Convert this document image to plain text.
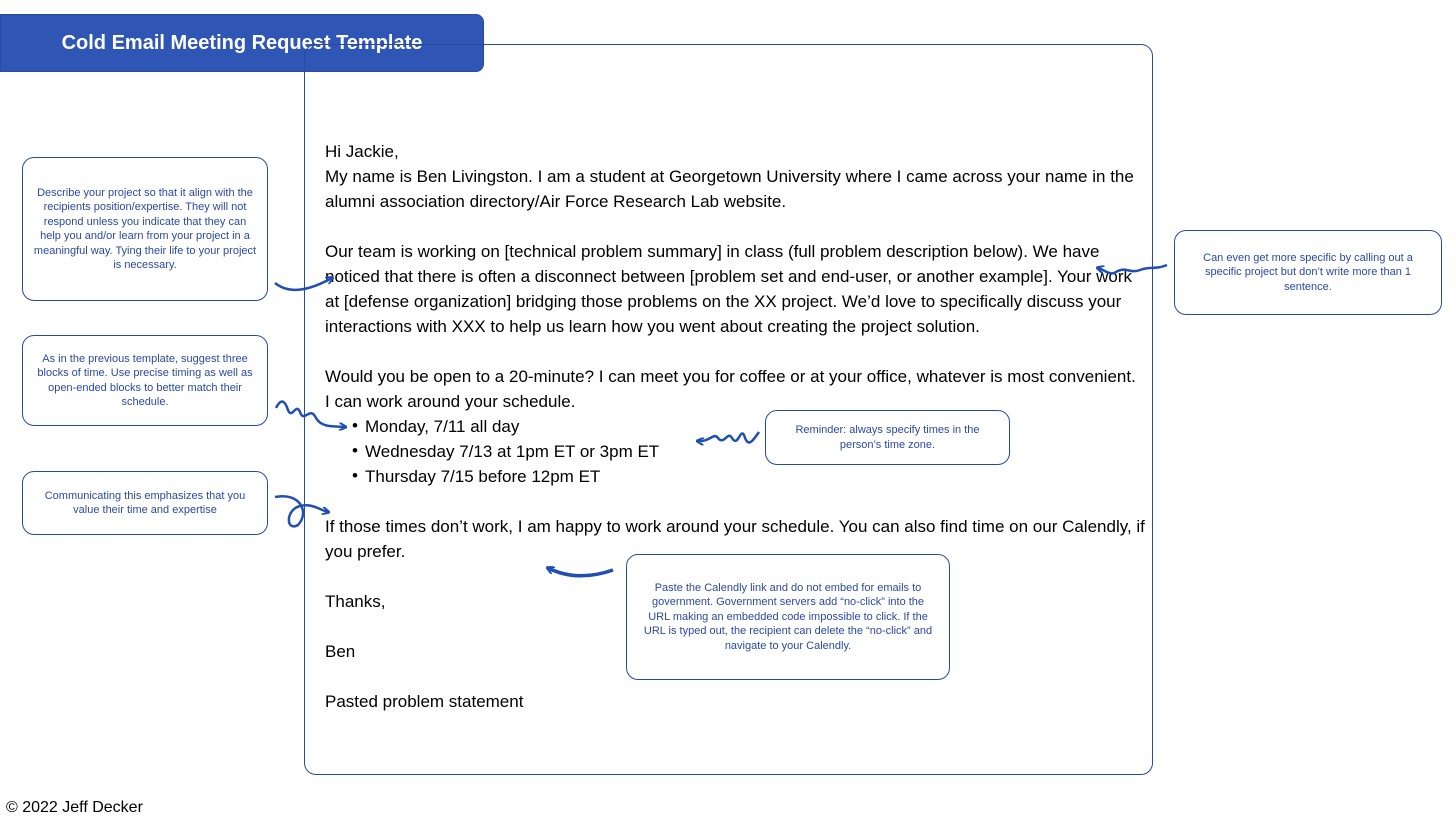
Cold Email Meeting Request Template

Hi Jackie,

My name is Ben Livingston. I am a student at Georgetown University where I came across your name in the alumni association directory/Air Force Research Lab website.

Our team is working on [technical problem summary] in class (full problem description below). We have noticed that there is often a disconnect between [problem set and end-user, or another example]. Your work at [defense organization] bridging those problems on the XX project. We’d love to specifically discuss your interactions with XXX to help us learn how you went about creating the project solution.

Would you be open to a 20-minute? I can meet you for coffee or at your office, whatever is most convenient. I can work around your schedule.

• Monday, 7/11 all day
• Wednesday 7/13 at 1pm ET or 3pm ET
• Thursday 7/15 before 12pm ET

If those times don’t work, I am happy to work around your schedule. You can also find time on our Calendly, if you prefer.

Thanks,

Ben

Pasted problem statement

Describe your project so that it align with the recipients position/expertise. They will not respond unless you indicate that they can help you and/or learn from your project in a meaningful way. Tying their life to your project is necessary.
As in the previous template, suggest three blocks of time. Use precise timing as well as open-ended blocks to better match their schedule.
Communicating this emphasizes that you value their time and expertise
Can even get more specific by calling out a specific project but don’t write more than 1 sentence.
Reminder: always specify times in the person’s time zone.
Paste the Calendly link and do not embed for emails to government. Government servers add “no-click” into the URL making an embedded code impossible to click. If the URL is typed out, the recipient can delete the “no-click” and navigate to your Calendly.
© 2022 Jeff Decker
